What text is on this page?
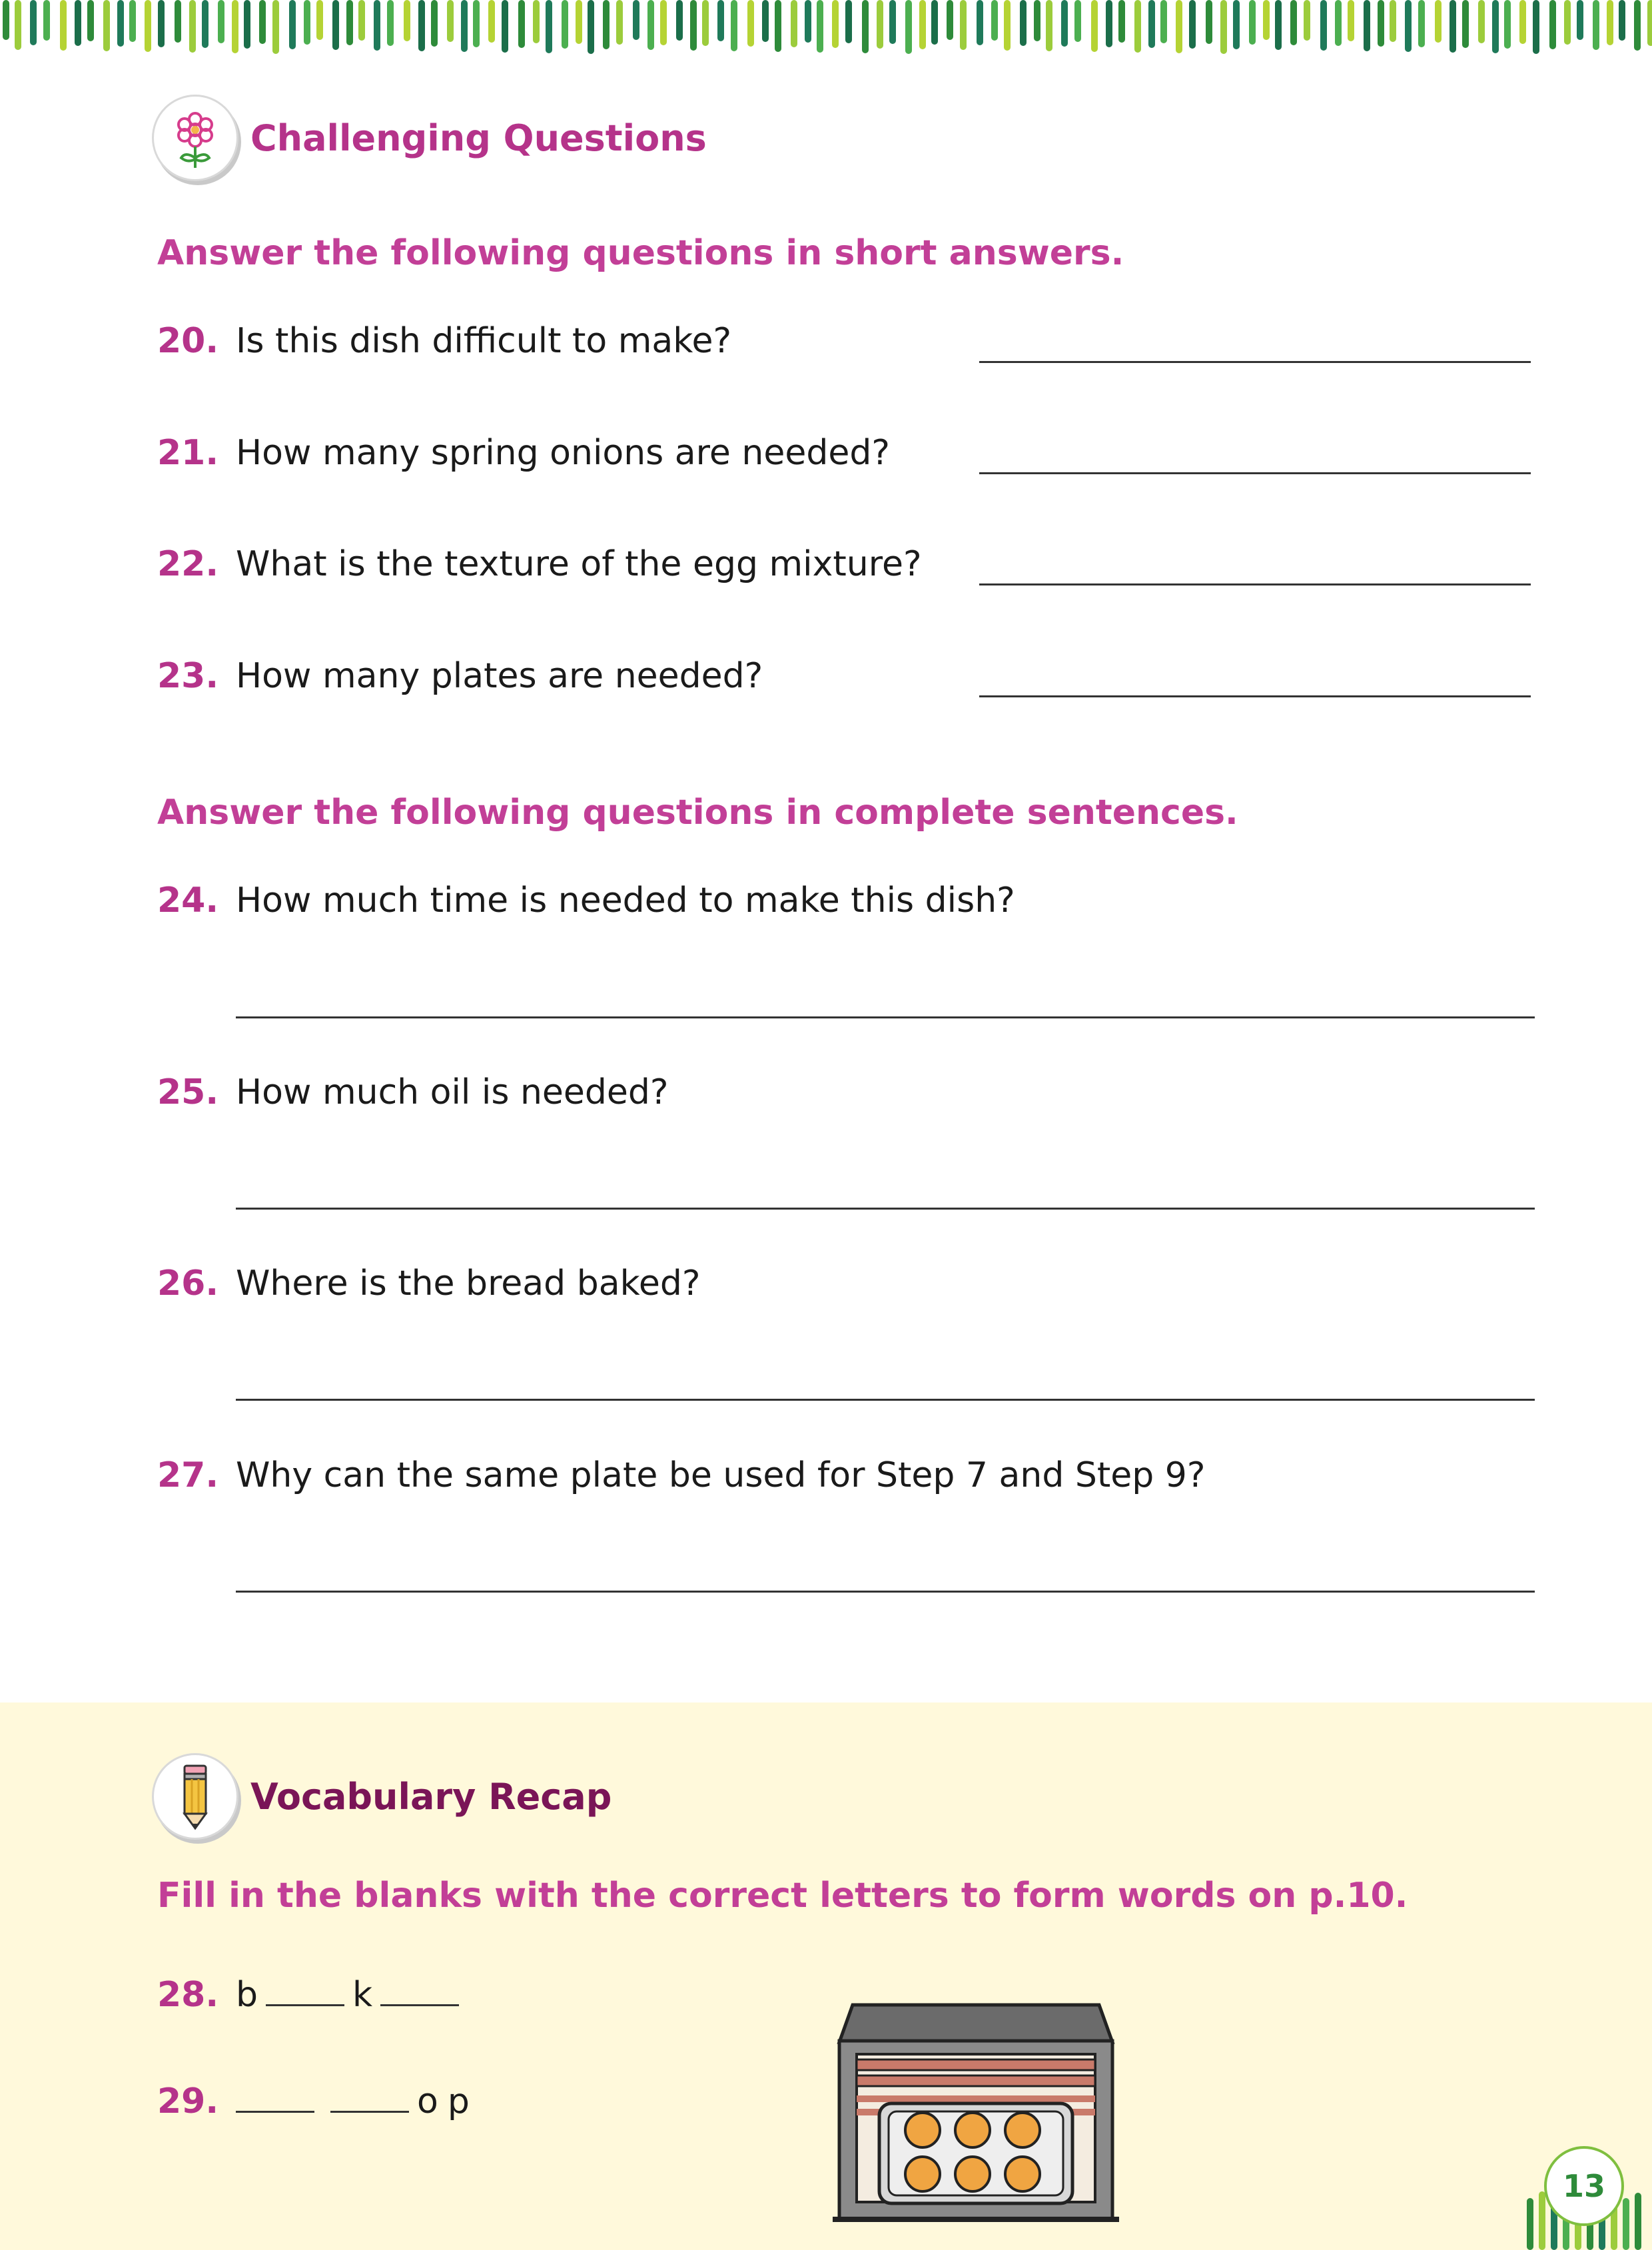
Challenging Questions
Answer the following questions in short answers.
20. Is this dish difficult to make?
21. How many spring onions are needed?
22. What is the texture of the egg mixture?
23. How many plates are needed?
Answer the following questions in complete sentences.
24. How much time is needed to make this dish?
25. How much oil is needed?
26. Where is the bread baked?
27. Why can the same plate be used for Step 7 and Step 9?
Vocabulary Recap
Fill in the blanks with the correct letters to form words on p.10.
28. b	k
29.	o p
13
